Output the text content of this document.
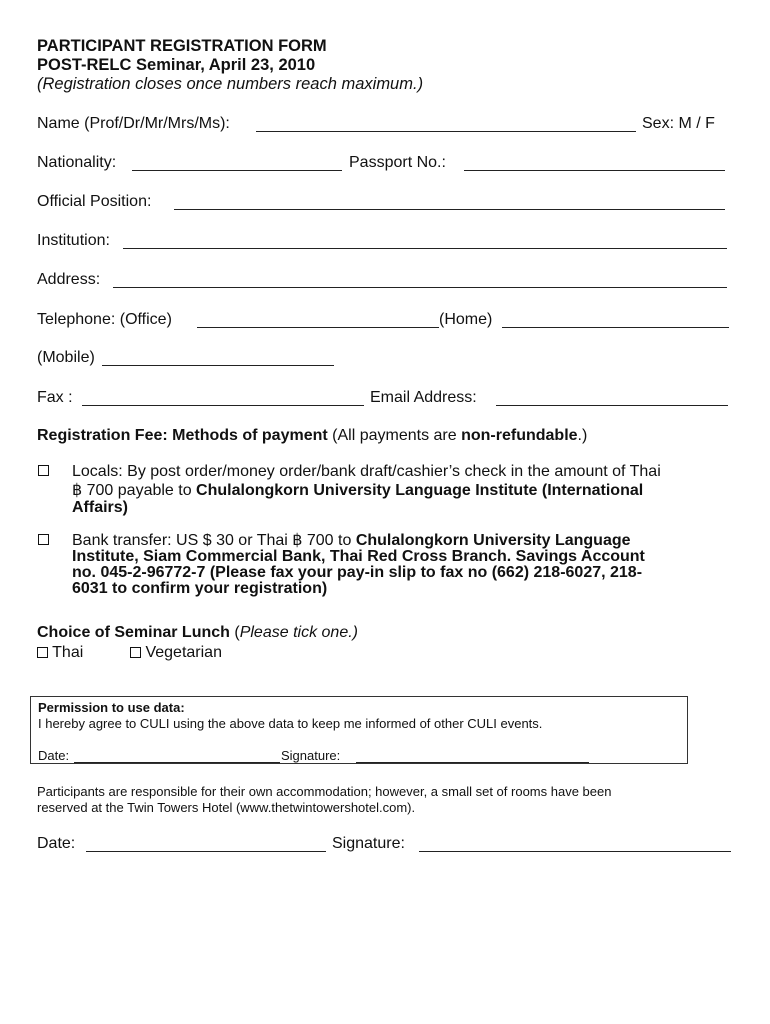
PARTICIPANT REGISTRATION FORM
POST-RELC Seminar, April 23, 2010
(Registration closes once numbers reach maximum.)
Name (Prof/Dr/Mr/Mrs/Ms):	Sex: M / F
Nationality:	Passport No.:
Official Position:
Institution:
Address:
Telephone: (Office)	(Home)
(Mobile)
Fax :	Email Address:
Registration Fee: Methods of payment (All payments are non-refundable.)
Locals: By post order/money order/bank draft/cashier’s check in the amount of Thai
฿ 700 payable to Chulalongkorn University Language Institute (International
Affairs)
Bank transfer: US $ 30 or Thai ฿ 700 to Chulalongkorn University Language
Institute, Siam Commercial Bank, Thai Red Cross Branch. Savings Account
no. 045-2-96772-7 (Please fax your pay-in slip to fax no (662) 218-6027, 218-
6031 to confirm your registration)
Choice of Seminar Lunch (Please tick one.)
Thai	Vegetarian
Permission to use data:
I hereby agree to CULI using the above data to keep me informed of other CULI events.
Date:	Signature:
Participants are responsible for their own accommodation; however, a small set of rooms have been
reserved at the Twin Towers Hotel (www.thetwintowershotel.com).
Date:	Signature:
